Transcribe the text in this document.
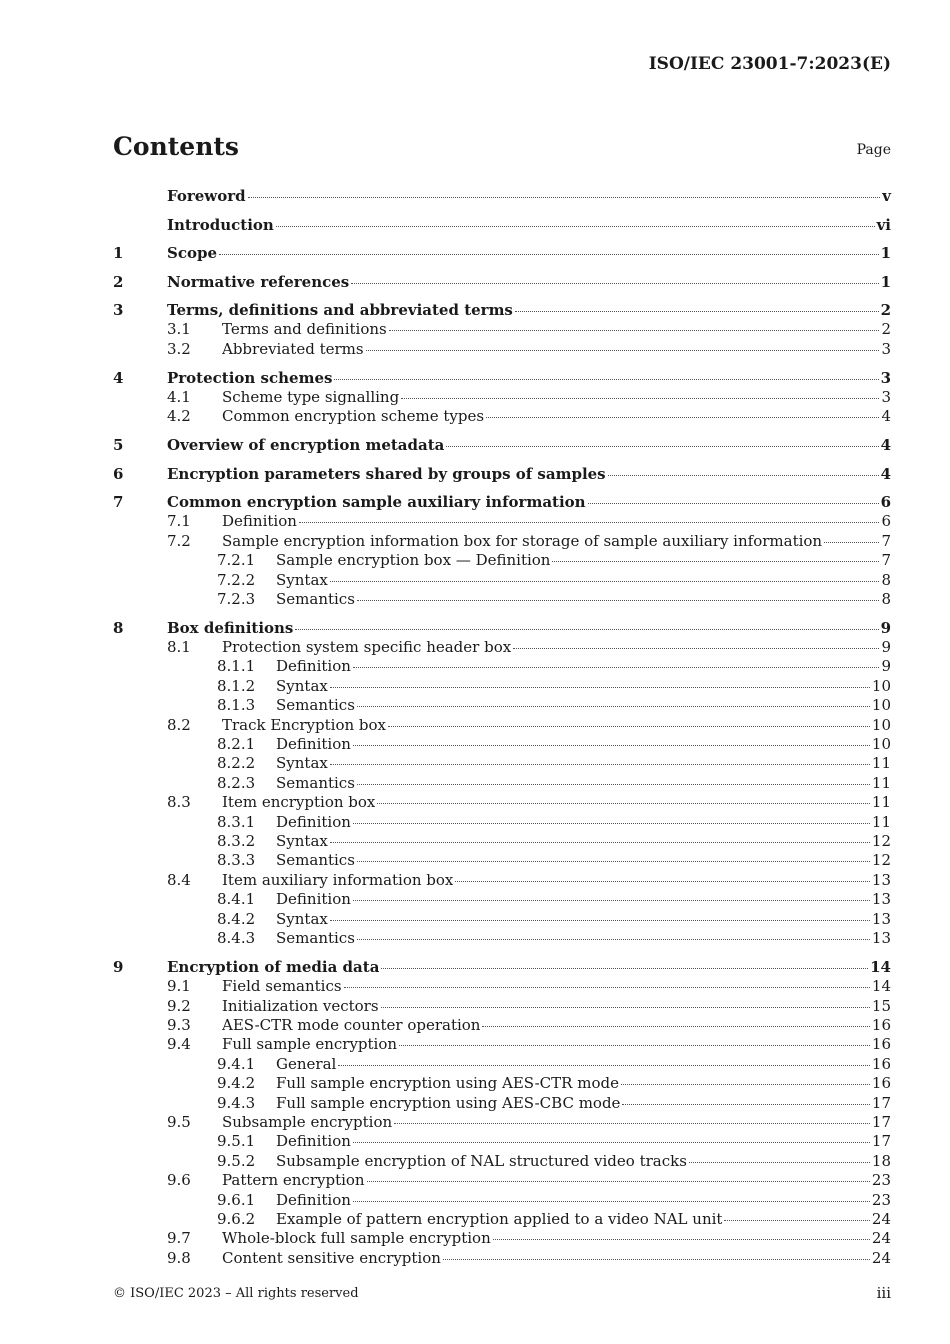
ISO/IEC 23001-7:2023(E)
Contents	Page
Foreword	v
Introduction	vi
1	Scope	1
2	Normative references	1
3	Terms, definitions and abbreviated terms	2
3.1	Terms and definitions	2
3.2	Abbreviated terms	3
4	Protection schemes	3
4.1	Scheme type signalling	3
4.2	Common encryption scheme types	4
5	Overview of encryption metadata	4
6	Encryption parameters shared by groups of samples	4
7	Common encryption sample auxiliary information	6
7.1	Definition	6
7.2	Sample encryption information box for storage of sample auxiliary information	7
7.2.1	Sample encryption box — Definition	7
7.2.2	Syntax	8
7.2.3	Semantics	8
8	Box definitions	9
8.1	Protection system specific header box	9
8.1.1	Definition	9
8.1.2	Syntax	10
8.1.3	Semantics	10
8.2	Track Encryption box	10
8.2.1	Definition	10
8.2.2	Syntax	11
8.2.3	Semantics	11
8.3	Item encryption box	11
8.3.1	Definition	11
8.3.2	Syntax	12
8.3.3	Semantics	12
8.4	Item auxiliary information box	13
8.4.1	Definition	13
8.4.2	Syntax	13
8.4.3	Semantics	13
9	Encryption of media data	14
9.1	Field semantics	14
9.2	Initialization vectors	15
9.3	AES-CTR mode counter operation	16
9.4	Full sample encryption	16
9.4.1	General	16
9.4.2	Full sample encryption using AES-CTR mode	16
9.4.3	Full sample encryption using AES-CBC mode	17
9.5	Subsample encryption	17
9.5.1	Definition	17
9.5.2	Subsample encryption of NAL structured video tracks	18
9.6	Pattern encryption	23
9.6.1	Definition	23
9.6.2	Example of pattern encryption applied to a video NAL unit	24
9.7	Whole-block full sample encryption	24
9.8	Content sensitive encryption	24
© ISO/IEC 2023 – All rights reserved	iii
